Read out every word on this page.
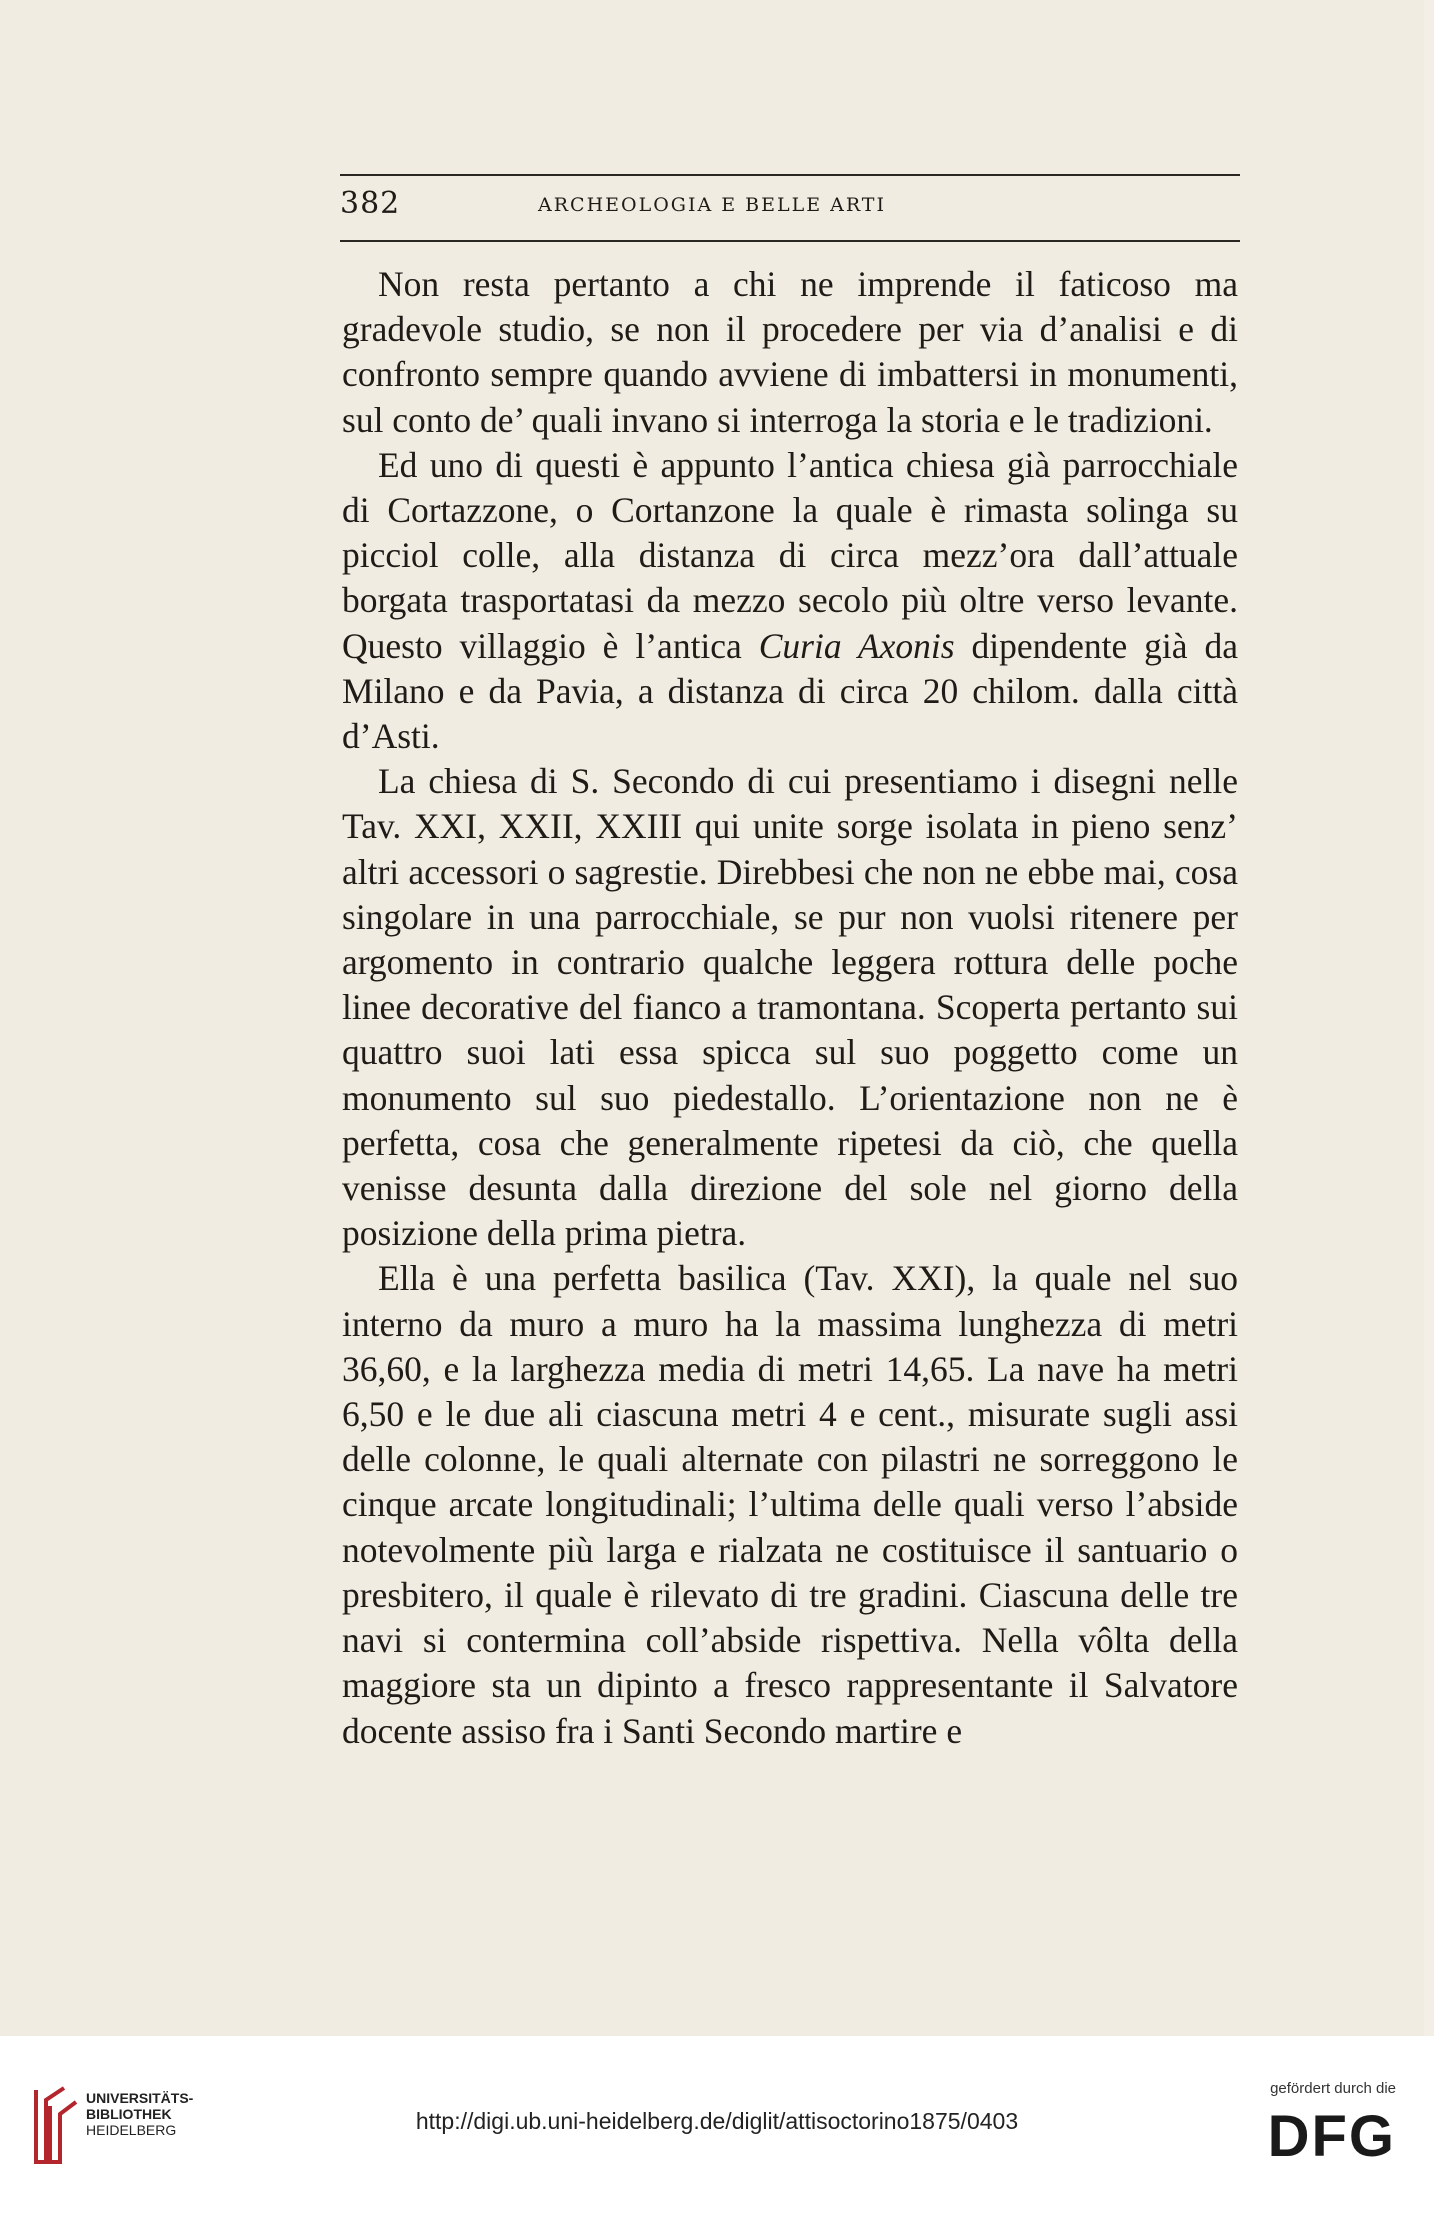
382	ARCHEOLOGIA E BELLE ARTI

Non resta pertanto a chi ne imprende il faticoso ma gradevole studio, se non il procedere per via d’analisi e di confronto sempre quando avviene di imbattersi in monumenti, sul conto de’ quali invano si interroga la storia e le tradizioni.

Ed uno di questi è appunto l’antica chiesa già parrocchiale di Cortazzone, o Cortanzone la quale è rimasta solinga su picciol colle, alla distanza di circa mezz’ora dall’attuale borgata trasportatasi da mezzo secolo più oltre verso levante. Questo villaggio è l’antica Curia Axonis dipendente già da Milano e da Pavia, a distanza di circa 20 chilom. dalla città d’Asti.

La chiesa di S. Secondo di cui presentiamo i disegni nelle Tav. XXI, XXII, XXIII qui unite sorge isolata in pieno senz’ altri accessori o sagrestie. Direbbesi che non ne ebbe mai, cosa singolare in una parrocchiale, se pur non vuolsi ritenere per argomento in contrario qualche leggera rottura delle poche linee decorative del fianco a tramontana. Scoperta pertanto sui quattro suoi lati essa spicca sul suo poggetto come un monumento sul suo piedestallo. L’orientazione non ne è perfetta, cosa che generalmente ripetesi da ciò, che quella venisse desunta dalla direzione del sole nel giorno della posizione della prima pietra.

Ella è una perfetta basilica (Tav. XXI), la quale nel suo interno da muro a muro ha la massima lunghezza di metri 36,60, e la larghezza media di metri 14,65. La nave ha metri 6,50 e le due ali ciascuna metri 4 e cent., misurate sugli assi delle colonne, le quali alternate con pilastri ne sorreggono le cinque arcate longitudinali; l’ultima delle quali verso l’abside notevolmente più larga e rialzata ne costituisce il santuario o presbitero, il quale è rilevato di tre gradini. Ciascuna delle tre navi si contermina coll’abside rispettiva. Nella vôlta della maggiore sta un dipinto a fresco rappresentante il Salvatore docente assiso fra i Santi Secondo martire e

UNIVERSITÄTS-
BIBLIOTHEK
HEIDELBERG	http://digi.ub.uni-heidelberg.de/diglit/attisoctorino1875/0403
gefördert durch die
DFG
